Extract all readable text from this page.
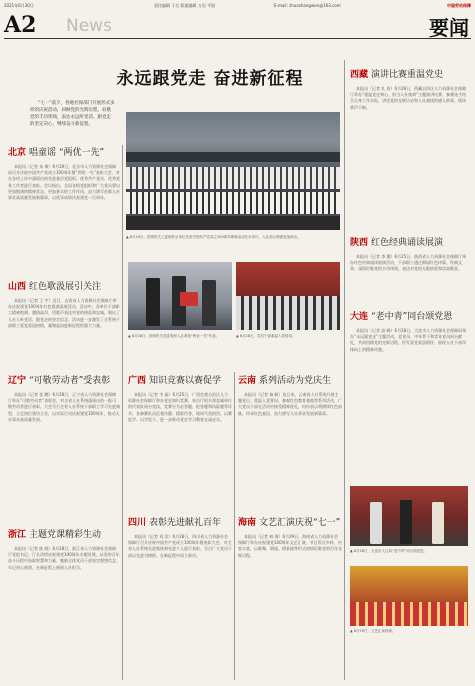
2021年6月30日	责任编辑 于岳 版面编辑 万岩 平面	E-mail: zhuozhangwen@163.com	中国劳动保障
A2 News	要闻
永远跟党走 奋进新征程
“七一”前夕，各地社保部门开展形式多样的庆祝活动，回顾党的光辉历程，讴歌党的丰功伟绩，表达永远听党话、跟党走的坚定决心，继续奋斗新征程。
▲ 6月29日，国家机关工委和驻京单位庆祝中国共产党成立100周年歌咏活动在京举行，人社部合唱团参加演出。
北京 唱童谣 “两优一先”
本报讯（记者 朱 敏）6月29日，北京市人力资源社会保障局召开庆祝中国共产党成立100周年暨“两优一先”表彰大会，对在各项工作中涌现出的先进基层党组织、优秀共产党员、优秀党务工作者进行表彰。会议指出，全局各级党组织和广大党员要以更加饱满的精神状态、更加务实的工作作风，奋力谱写首都人社事业高质量发展新篇章，以优异成绩庆祝建党一百周年。
山西 红色歌汲展引关注
本报讯（记者 王 宇）近日，山西省人力资源社会保障厅举办庆祝建党100周年红色歌曲汲展活动。活动中，各单位干部职工精神饱满、激情高昂，用歌声表达对党的热爱和忠诚，唱出了人社人听党话、跟党走的坚定信念。活动进一步激发了全系统干部职工爱党爱国热情，凝聚起奋进新征程的强大力量。
辽宁 “可敬劳动者”受表彰
本报讯（记者 张 鹏）6月28日，辽宁省人力资源社会保障厅举办“可敬劳动者”表彰会，对全省人社系统涌现出的一批可敬劳动者进行表彰。大会号召全省人社系统干部职工学习先进典型，立足岗位建功立业，以实际行动庆祝建党100周年，推动人社事业高质量发展。
浙江 主题党课精彩生动
本报讯（记者 陈 晓）6月28日，浙江省人力资源社会保障厅党组书记、厅长讲授庆祝建党100周年专题党课，从党的百年奋斗历程中汲取智慧和力量，勉励全体党员干部坚定理想信念，牢记初心使命，在新征程上展现人社担当。
▲ 6月28日，国家机关党委表彰人社系统“两优一先”代表。	▲ 6月28日，党员干部重温入党誓词。
广西 知识竞赛以赛促学
本报讯（记者 韦 丽）6月25日，广西壮族自治区人力资源社会保障厅举办党史知识竞赛，来自厅机关和直属单位的代表队同台竞技。竞赛分为必答题、抢答题和风险题等环节，各参赛队员沉着冷静，精彩作答，现场气氛热烈。以赛促学、以学促干，进一步推动党史学习教育走深走实。
四川 表彰先进献礼百年
本报讯（记者 刘 洋）6月28日，四川省人力资源社会保障厅召开庆祝中国共产党成立100周年暨表彰大会，对全省人社系统先进集体和先进个人进行表彰，号召广大党员干部以先进为榜样，在新征程中再立新功。
云南 系列活动为党庆生
本报讯（记者 杨 帆）连日来，云南省人社系统开展主题党日、重温入党誓词、参观红色教育基地等系列活动，广大党员干部在活动中接受精神洗礼，纷纷表示将赓续红色血脉，传承红色基因，奋力谱写人社事业发展新篇章。
海南 文艺汇演庆祝“七一”
本报讯（记者 林 海）6月29日，海南省人力资源社会保障厅举办庆祝建党100周年文艺汇演，节目形式多样、内容丰富，以歌舞、朗诵、情景剧等形式热情讴歌党的百年光辉历程。
西藏 演讲比赛重温党史
本报讯（记者 扎 西）6月26日，西藏自治区人力资源社会保障厅举办“重温党史初心、担当人社使命”主题演讲比赛，参赛选手结合自身工作实际，讲述党的光辉历史和人社战线的感人故事，现场掌声不断。
陕西 红色经典诵读展演
本报讯（记者 李 娜）6月25日，陕西省人力资源社会保障厅举办红色经典诵读展演活动，干部职工通过朗诵红色诗篇、经典文章，深情讴歌党的丰功伟绩，表达对党的无限热爱和崇高敬意。
大连 “老中青”同台颂党恩
本报讯（记者 高 峰）6月28日，大连市人力资源社会保障局举办“永远跟党走”主题活动，老党员、中年骨干和青年党员同台献礼，共同回顾党的光辉历程，抒发爱党爱国情怀，展现人社干部昂扬向上的精神风貌。
▲ 6月28日，大连市人社局“老中青”同台颂党恩。
▲ 6月29日，文艺汇演现场。
